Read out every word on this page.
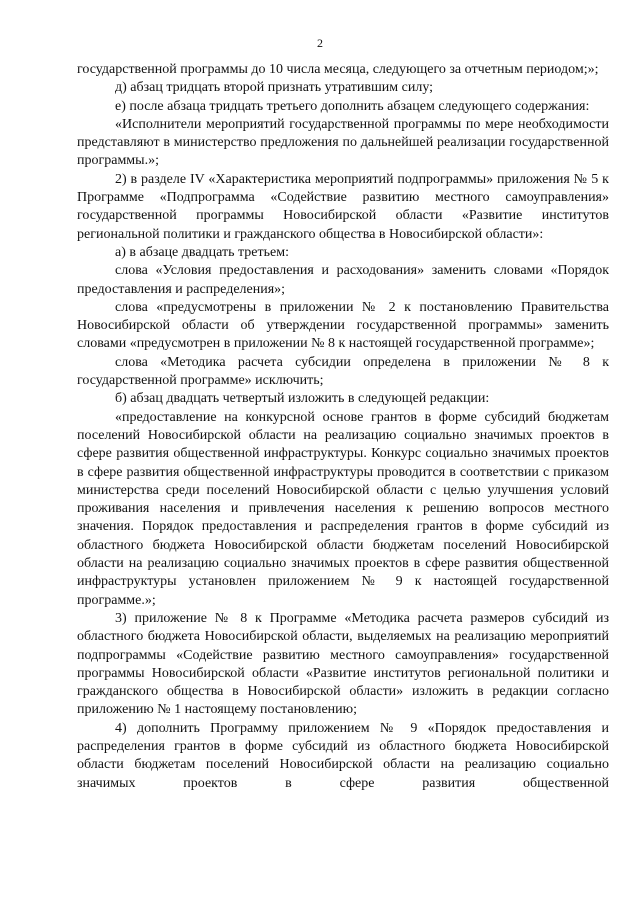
2

государственной программы до 10 числа месяца, следующего за отчетным периодом;»;

д) абзац тридцать второй признать утратившим силу;

е) после абзаца тридцать третьего дополнить абзацем следующего содержания:

«Исполнители мероприятий государственной программы по мере необходимости представляют в министерство предложения по дальнейшей реализации государственной программы.»;

2) в разделе IV «Характеристика мероприятий подпрограммы» приложения № 5 к Программе «Подпрограмма «Содействие развитию местного самоуправления» государственной программы Новосибирской области «Развитие институтов региональной политики и гражданского общества в Новосибирской области»:

а) в абзаце двадцать третьем:

слова «Условия предоставления и расходования» заменить словами «Порядок предоставления и распределения»;

слова «предусмотрены в приложении № 2 к постановлению Правительства Новосибирской области об утверждении государственной программы» заменить словами «предусмотрен в приложении № 8 к настоящей государственной программе»;

слова «Методика расчета субсидии определена в приложении № 8 к государственной программе» исключить;

б) абзац двадцать четвертый изложить в следующей редакции:

«предоставление на конкурсной основе грантов в форме субсидий бюджетам поселений Новосибирской области на реализацию социально значимых проектов в сфере развития общественной инфраструктуры. Конкурс социально значимых проектов в сфере развития общественной инфраструктуры проводится в соответствии с приказом министерства среди поселений Новосибирской области с целью улучшения условий проживания населения и привлечения населения к решению вопросов местного значения. Порядок предоставления и распределения грантов в форме субсидий из областного бюджета Новосибирской области бюджетам поселений Новосибирской области на реализацию социально значимых проектов в сфере развития общественной инфраструктуры установлен приложением № 9 к настоящей государственной программе.»;

3) приложение № 8 к Программе «Методика расчета размеров субсидий из областного бюджета Новосибирской области, выделяемых на реализацию мероприятий подпрограммы «Содействие развитию местного самоуправления» государственной программы Новосибирской области «Развитие институтов региональной политики и гражданского общества в Новосибирской области» изложить в редакции согласно приложению № 1 настоящему постановлению;

4) дополнить Программу приложением № 9 «Порядок предоставления и распределения грантов в форме субсидий из областного бюджета Новосибирской области бюджетам поселений Новосибирской области на реализацию социально значимых проектов в сфере развития общественной
